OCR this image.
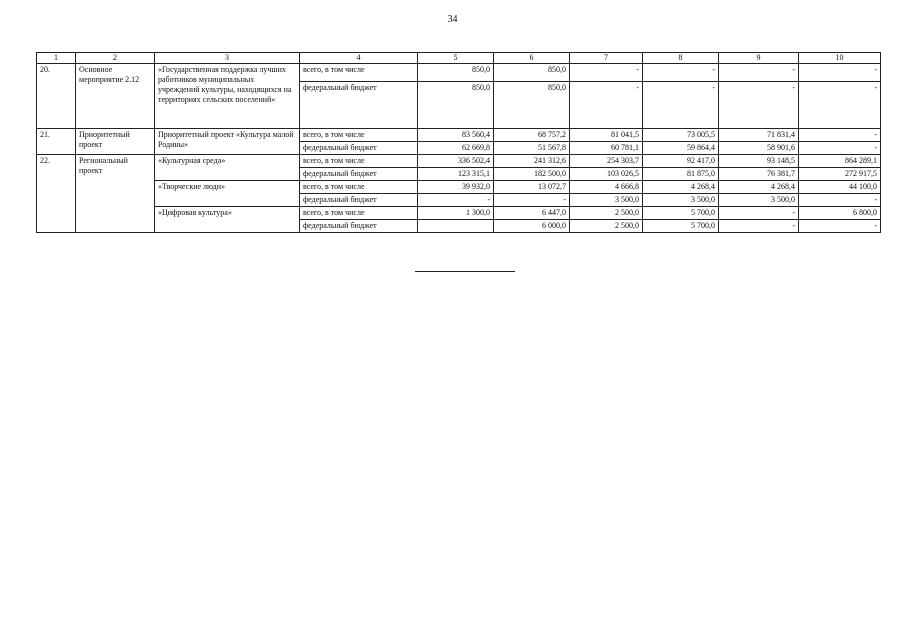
34
1	2	3	4	5	6	7	8	9	10
20.	Основное мероприятие 2.12	«Государственная поддержка лучших работников муниципальных учреждений культуры, находящихся на территориях сельских поселений»	всего, в том числе	850,0	850,0	-	-	-	-
			федеральный бюджет	850,0	850,0	-	-	-	-
21.	Приоритетный проект	Приоритетный проект «Культура малой Родины»	всего, в том числе	83 560,4	68 757,2	81 041,5	73 005,5	71 831,4	-
			федеральный бюджет	62 669,8	51 567,8	60 781,1	59 864,4	58 901,6	-
22.	Региональный проект	«Культурная среда»	всего, в том числе	336 502,4	241 312,6	254 303,7	92 417,0	93 148,5	864 289,1
			федеральный бюджет	123 315,1	182 500,0	103 026,5	81 875,0	76 381,7	272 917,5
		«Творческие люди»	всего, в том числе	39 932,0	13 072,7	4 666,8	4 268,4	4 268,4	44 100,0
			федеральный бюджет	-	-	3 500,0	3 500,0	3 500,0	-
		«Цифровая культура»	всего, в том числе	1 300,0	6 447,0	2 500,0	5 700,0	-	6 800,0
			федеральный бюджет		6 000,0	2 500,0	5 700,0	-	-
